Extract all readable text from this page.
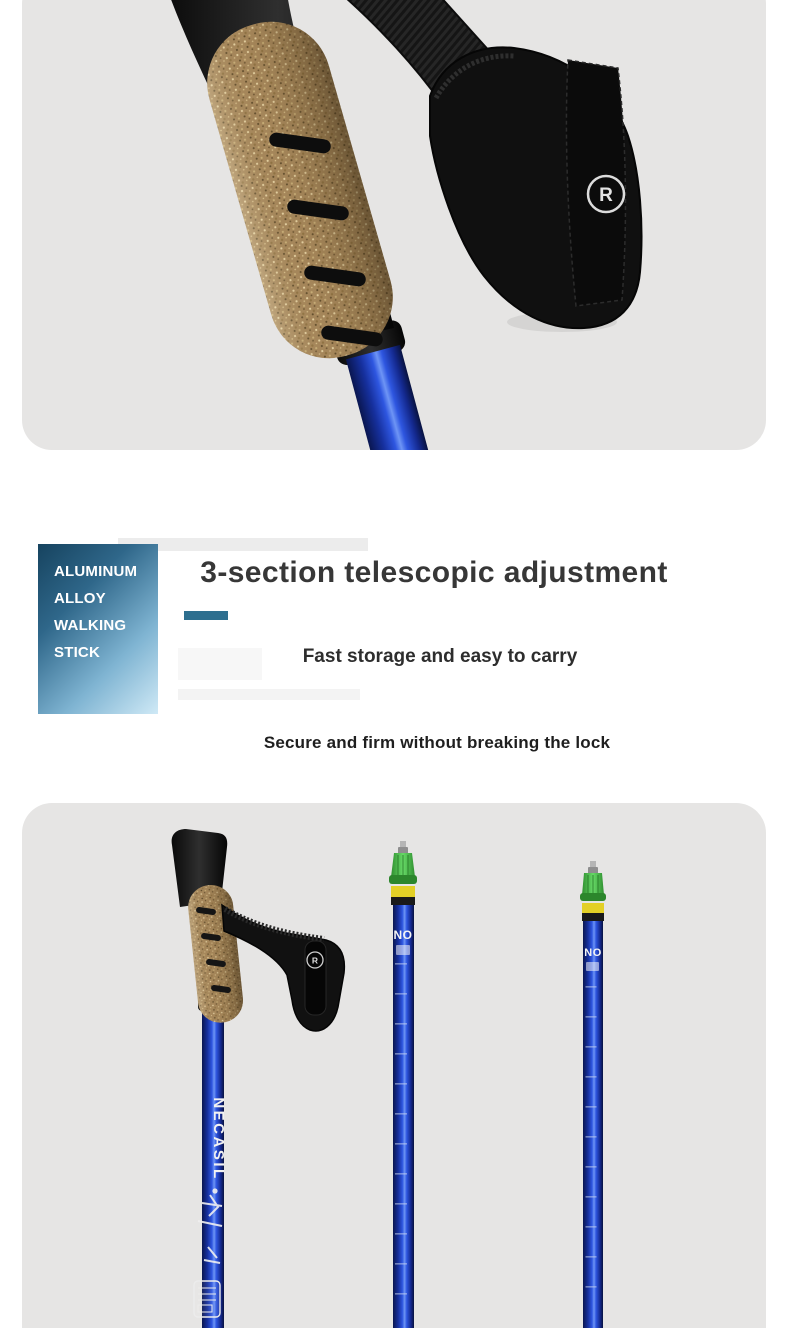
R
ALUMINUM
ALLOY
WALKING
STICK
3-section telescopic adjustment
Fast storage and easy to carry
Secure and firm without breaking the lock
R
NECASIL
NO
NO
